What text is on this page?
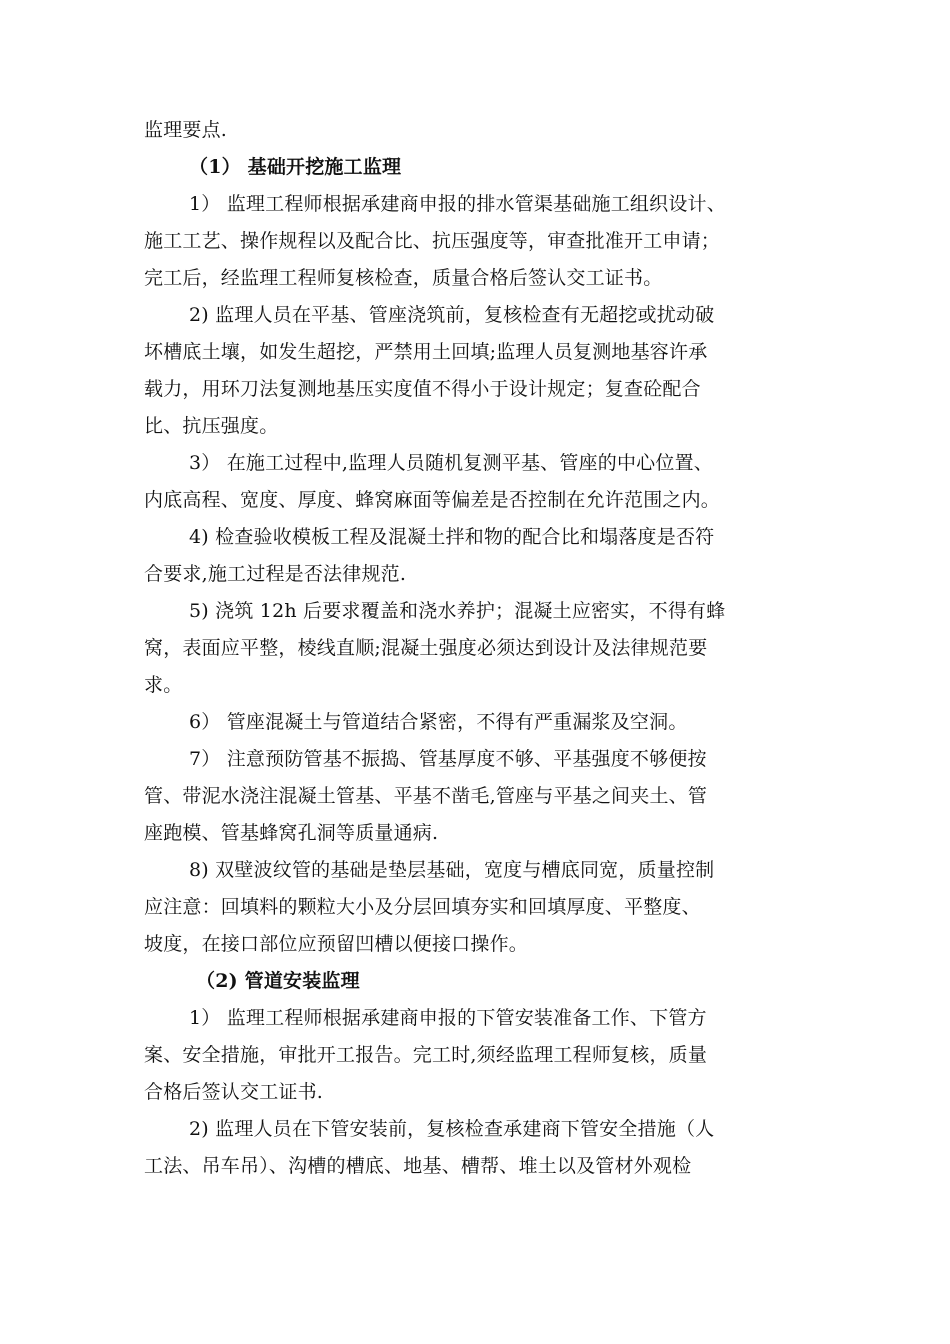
监理要点.
（1） 基础开挖施工监理
1） 监理工程师根据承建商申报的排水管渠基础施工组织设计、
施工工艺、操作规程以及配合比、抗压强度等，审查批准开工申请；
完工后，经监理工程师复核检查，质量合格后签认交工证书。
2) 监理人员在平基、管座浇筑前，复核检查有无超挖或扰动破
坏槽底土壤，如发生超挖，严禁用土回填;监理人员复测地基容许承
载力，用环刀法复测地基压实度值不得小于设计规定；复查砼配合
比、抗压强度。
3） 在施工过程中,监理人员随机复测平基、管座的中心位置、
内底高程、宽度、厚度、蜂窝麻面等偏差是否控制在允许范围之内。
4) 检查验收模板工程及混凝土拌和物的配合比和塌落度是否符
合要求,施工过程是否法律规范.
5) 浇筑 12h 后要求覆盖和浇水养护；混凝土应密实，不得有蜂
窝，表面应平整，棱线直顺;混凝土强度必须达到设计及法律规范要
求。
6） 管座混凝土与管道结合紧密，不得有严重漏浆及空洞。
7） 注意预防管基不振捣、管基厚度不够、平基强度不够便按
管、带泥水浇注混凝土管基、平基不凿毛,管座与平基之间夹土、管
座跑模、管基蜂窝孔洞等质量通病.
8) 双壁波纹管的基础是垫层基础，宽度与槽底同宽，质量控制
应注意：回填料的颗粒大小及分层回填夯实和回填厚度、平整度、
坡度，在接口部位应预留凹槽以便接口操作。
（2) 管道安装监理
1） 监理工程师根据承建商申报的下管安装准备工作、下管方
案、安全措施，审批开工报告。完工时,须经监理工程师复核，质量
合格后签认交工证书.
2) 监理人员在下管安装前，复核检查承建商下管安全措施（人
工法、吊车吊）、沟槽的槽底、地基、槽帮、堆土以及管材外观检
